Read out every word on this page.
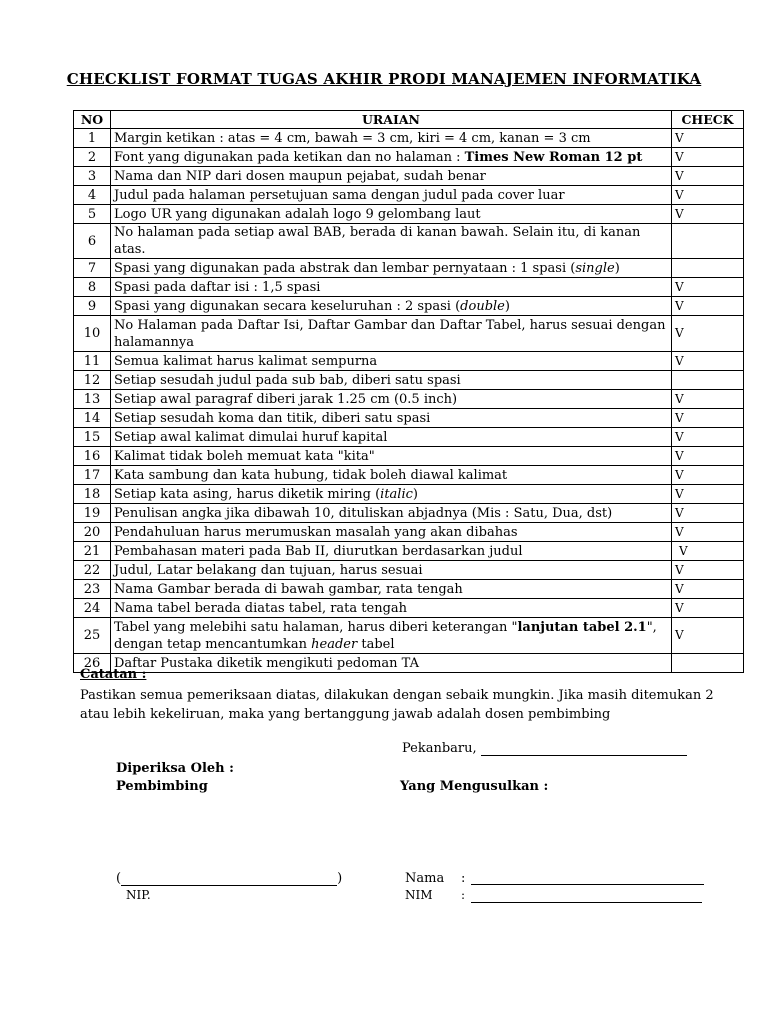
CHECKLIST FORMAT TUGAS AKHIR PRODI MANAJEMEN INFORMATIKA
NO	URAIAN	CHECK
1	Margin ketikan : atas = 4 cm, bawah = 3 cm, kiri = 4 cm, kanan = 3 cm	V
2	Font yang digunakan pada ketikan dan no halaman : Times New Roman 12 pt	V
3	Nama dan NIP dari dosen maupun pejabat, sudah benar	V
4	Judul pada halaman persetujuan sama dengan judul pada cover luar	V
5	Logo UR yang digunakan adalah logo 9 gelombang laut	V
6	No halaman pada setiap awal BAB, berada di kanan bawah. Selain itu, di kanan atas.	
7	Spasi yang digunakan pada abstrak dan lembar pernyataan : 1 spasi (single)	
8	Spasi pada daftar isi : 1,5 spasi	V
9	Spasi yang digunakan secara keseluruhan : 2 spasi (double)	V
10	No Halaman pada Daftar Isi, Daftar Gambar dan Daftar Tabel, harus sesuai dengan halamannya	V
11	Semua kalimat harus kalimat sempurna	V
12	Setiap sesudah judul pada sub bab, diberi satu spasi	
13	Setiap awal paragraf diberi jarak 1.25 cm (0.5 inch)	V
14	Setiap sesudah koma dan titik, diberi satu spasi	V
15	Setiap awal kalimat dimulai huruf kapital	V
16	Kalimat tidak boleh memuat kata "kita"	V
17	Kata sambung dan kata hubung, tidak boleh diawal kalimat	V
18	Setiap kata asing, harus diketik miring (italic)	V
19	Penulisan angka jika dibawah 10, dituliskan abjadnya (Mis : Satu, Dua, dst)	V
20	Pendahuluan harus merumuskan masalah yang akan dibahas	V
21	Pembahasan materi pada Bab II, diurutkan berdasarkan judul	V
22	Judul, Latar belakang dan tujuan, harus sesuai	V
23	Nama Gambar berada di bawah gambar, rata tengah	V
24	Nama tabel berada diatas tabel, rata tengah	V
25	Tabel yang melebihi satu halaman, harus diberi keterangan "lanjutan tabel 2.1", dengan tetap mencantumkan header tabel	V
26	Daftar Pustaka diketik mengikuti pedoman TA	
Catatan :
Pastikan semua pemeriksaan diatas, dilakukan dengan sebaik mungkin. Jika masih ditemukan 2 atau lebih kekeliruan, maka yang bertanggung jawab adalah dosen pembimbing
Pekanbaru,
Diperiksa Oleh :
Pembimbing	Yang Mengusulkan :
(	)
NIP.
Nama :
NIM :
